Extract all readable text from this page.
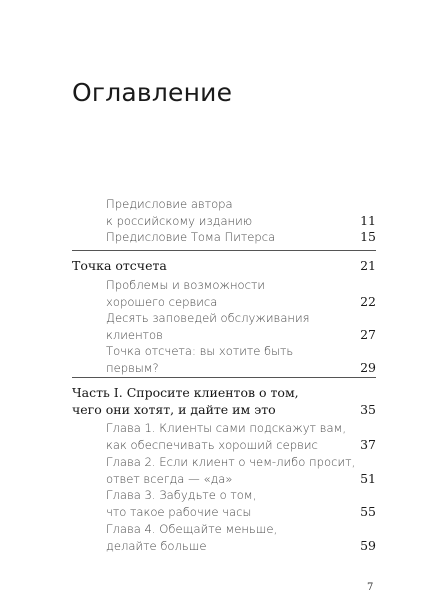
Оглавление
Предисловие автора
к российскому изданию	11
Предисловие Тома Питерса	15
Точка отсчета	21
Проблемы и возможности
хорошего сервиса	22
Десять заповедей обслуживания
клиентов	27
Точка отсчета: вы хотите быть
первым?	29
Часть I. Спросите клиентов о том,
чего они хотят, и дайте им это	35
Глава 1. Клиенты сами подскажут вам,
как обеспечивать хороший сервис	37
Глава 2. Если клиент о чем-либо просит,
ответ всегда — «да»	51
Глава 3. Забудьте о том,
что такое рабочие часы	55
Глава 4. Обещайте меньше,
делайте больше	59
7
